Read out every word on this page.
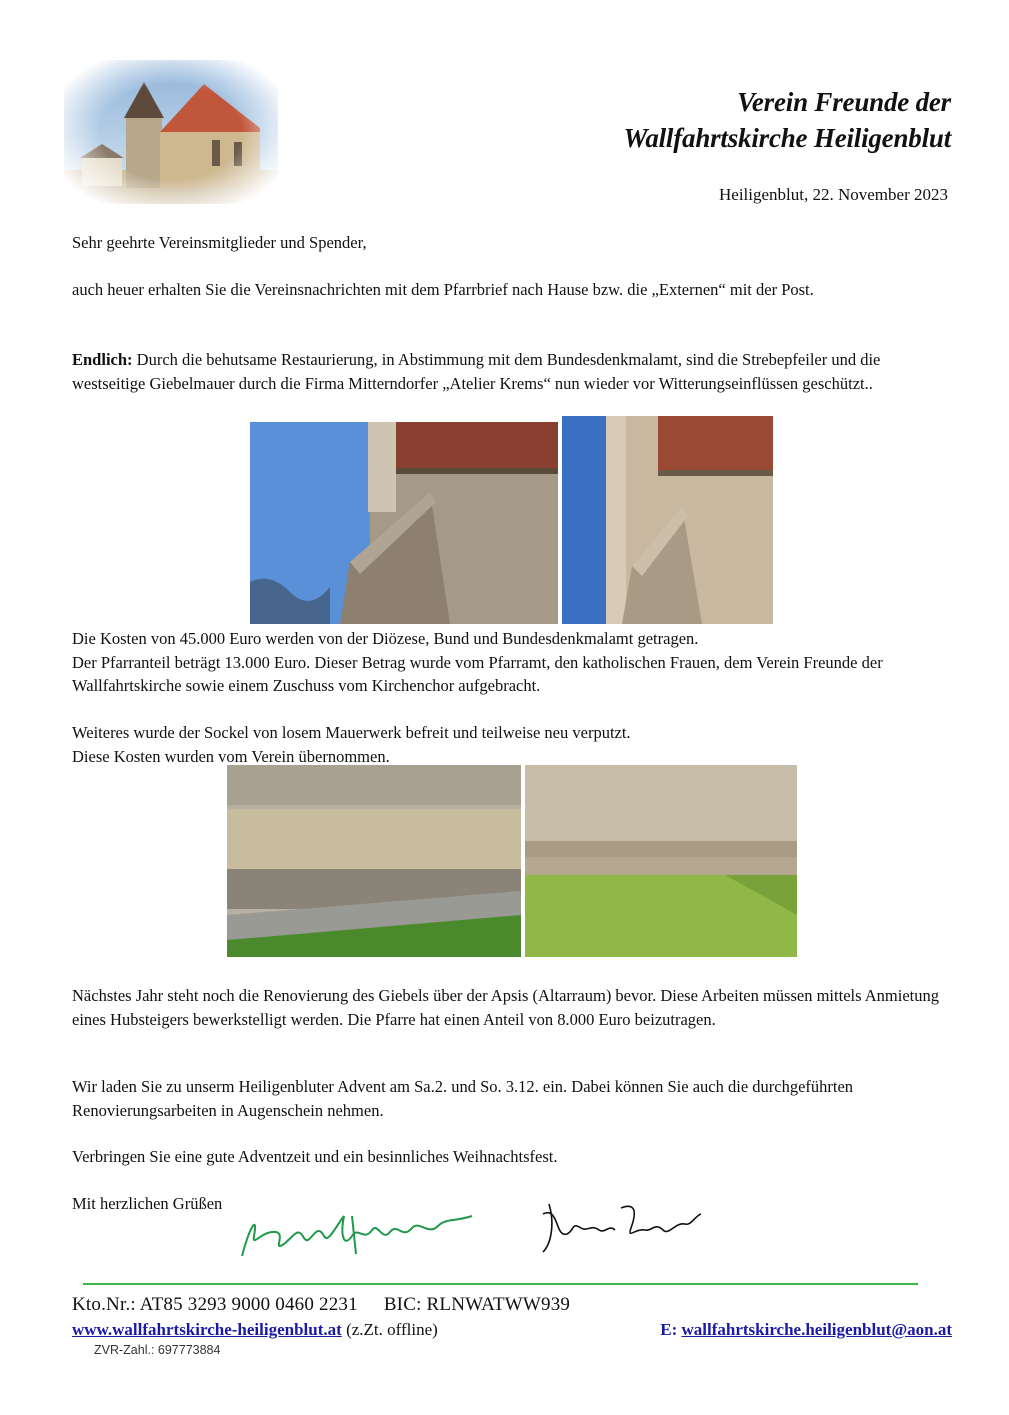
Verein Freunde der
Wallfahrtskirche Heiligenblut
Heiligenblut, 22. November 2023
Sehr geehrte Vereinsmitglieder und Spender,
auch heuer erhalten Sie die Vereinsnachrichten mit dem Pfarrbrief nach Hause bzw. die „Externen“ mit der Post.
Endlich: Durch die behutsame Restaurierung, in Abstimmung mit dem Bundesdenkmalamt, sind die Strebepfeiler und die westseitige Giebelmauer durch die Firma Mitterndorfer „Atelier Krems“ nun wieder vor Witterungseinflüssen geschützt..
Die Kosten von 45.000 Euro werden von der Diözese, Bund und Bundesdenkmalamt getragen.
Der Pfarranteil beträgt 13.000 Euro. Dieser Betrag wurde vom Pfarramt, den katholischen Frauen, dem Verein Freunde der Wallfahrtskirche sowie einem Zuschuss vom Kirchenchor aufgebracht.
Weiteres wurde der Sockel von losem Mauerwerk befreit und teilweise neu verputzt.
Diese Kosten wurden vom Verein übernommen.
Nächstes Jahr steht noch die Renovierung des Giebels über der Apsis (Altarraum) bevor. Diese Arbeiten müssen mittels Anmietung eines Hubsteigers bewerkstelligt werden. Die Pfarre hat einen Anteil von 8.000 Euro beizutragen.
Wir laden Sie zu unserm Heiligenbluter Advent am Sa.2. und So. 3.12. ein. Dabei können Sie auch die durchgeführten Renovierungsarbeiten in Augenschein nehmen.
Verbringen Sie eine gute Adventzeit und ein besinnliches Weihnachtsfest.
Mit herzlichen Grüßen
Kto.Nr.: AT85 3293 9000 0460 2231 BIC: RLNWATWW939
www.wallfahrtskirche-heiligenblut.at (z.Zt. offline)	E: wallfahrtskirche.heiligenblut@aon.at
ZVR-Zahl.: 697773884
